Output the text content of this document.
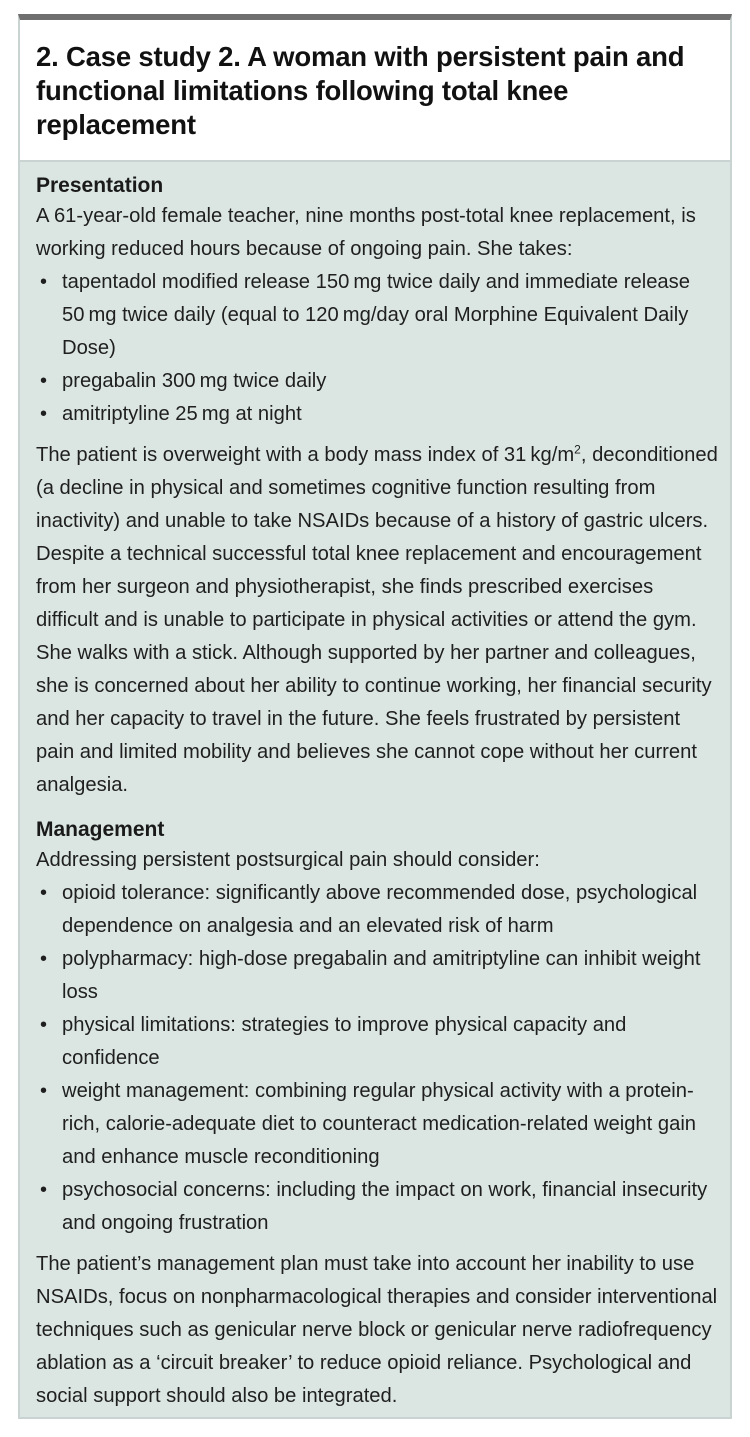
2. Case study 2. A woman with persistent pain and
functional limitations following total knee replacement
Presentation

A 61-year-old female teacher, nine months post-total knee replacement, is working reduced hours because of ongoing pain. She takes:

• tapentadol modified release 150 mg twice daily and immediate release 50 mg twice daily (equal to 120 mg/day oral Morphine Equivalent Daily Dose)
• pregabalin 300 mg twice daily
• amitriptyline 25 mg at night

The patient is overweight with a body mass index of 31 $kg/m^2$, deconditioned (a decline in physical and sometimes cognitive function resulting from inactivity) and unable to take NSAIDs because of a history of gastric ulcers. Despite a technical successful total knee replacement and encouragement from her surgeon and physiotherapist, she finds prescribed exercises difficult and is unable to participate in physical activities or attend the gym. She walks with a stick. Although supported by her partner and colleagues, she is concerned about her ability to continue working, her financial security and her capacity to travel in the future. She feels frustrated by persistent pain and limited mobility and believes she cannot cope without her current analgesia.

Management

Addressing persistent postsurgical pain should consider:

• opioid tolerance: significantly above recommended dose, psychological dependence on analgesia and an elevated risk of harm
• polypharmacy: high-dose pregabalin and amitriptyline can inhibit weight loss
• physical limitations: strategies to improve physical capacity and confidence
• weight management: combining regular physical activity with a protein-rich, calorie-adequate diet to counteract medication-related weight gain and enhance muscle reconditioning
• psychosocial concerns: including the impact on work, financial insecurity and ongoing frustration

The patient’s management plan must take into account her inability to use NSAIDs, focus on nonpharmacological therapies and consider interventional techniques such as genicular nerve block or genicular nerve radiofrequency ablation as a ‘circuit breaker’ to reduce opioid reliance. Psychological and social support should also be integrated.
